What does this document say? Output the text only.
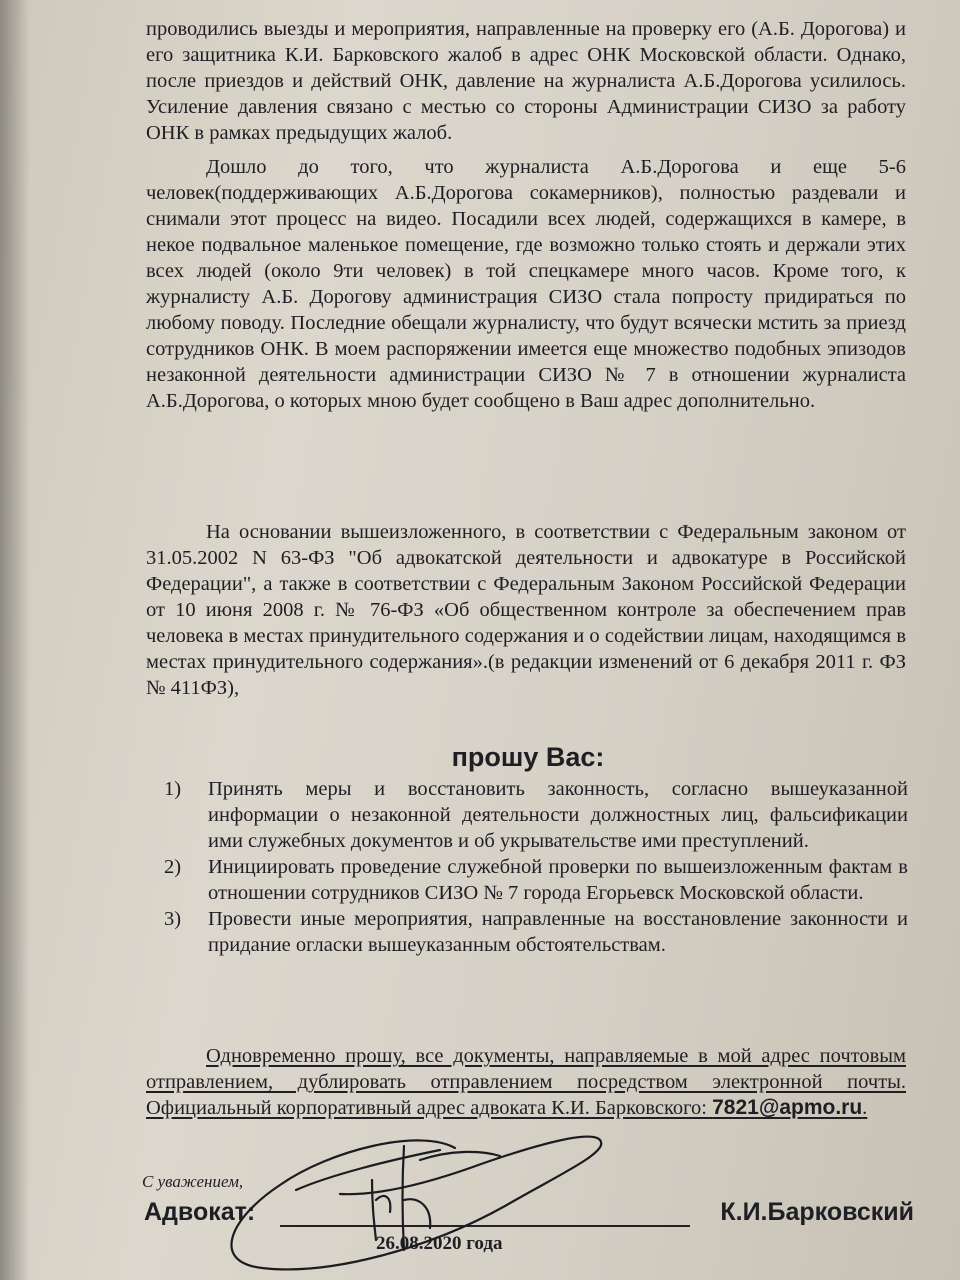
проводились выезды и мероприятия, направленные на проверку его (А.Б. Дорогова) и его защитника К.И. Барковского жалоб в адрес ОНК Московской области. Однако, после приездов и действий ОНК, давление на журналиста А.Б.Дорогова усилилось. Усиление давления связано с местью со стороны Администрации СИЗО за работу ОНК в рамках предыдущих жалоб.

Дошло до того, что журналиста А.Б.Дорогова и еще 5-6 человек(поддерживающих А.Б.Дорогова сокамерников), полностью раздевали и снимали этот процесс на видео. Посадили всех людей, содержащихся в камере, в некое подвальное маленькое помещение, где возможно только стоять и держали этих всех людей (около 9ти человек) в той спецкамере много часов. Кроме того, к журналисту А.Б. Дорогову администрация СИЗО стала попросту придираться по любому поводу. Последние обещали журналисту, что будут всячески мстить за приезд сотрудников ОНК. В моем распоряжении имеется еще множество подобных эпизодов незаконной деятельности администрации СИЗО № 7 в отношении журналиста А.Б.Дорогова, о которых мною будет сообщено в Ваш адрес дополнительно.

На основании вышеизложенного, в соответствии с Федеральным законом от 31.05.2002 N 63-ФЗ "Об адвокатской деятельности и адвокатуре в Российской Федерации", а также в соответствии с Федеральным Законом Российской Федерации от 10 июня 2008 г. № 76-ФЗ «Об общественном контроле за обеспечением прав человека в местах принудительного содержания и о содействии лицам, находящимся в местах принудительного содержания».(в редакции изменений от 6 декабря 2011 г. ФЗ № 411ФЗ),

прошу Вас:
1) Принять меры и восстановить законность, согласно вышеуказанной информации о незаконной деятельности должностных лиц, фальсификации ими служебных документов и об укрывательстве ими преступлений.
2) Инициировать проведение служебной проверки по вышеизложенным фактам в отношении сотрудников СИЗО № 7 города Егорьевск Московской области.
3) Провести иные мероприятия, направленные на восстановление законности и придание огласки вышеуказанным обстоятельствам.

Одновременно прошу, все документы, направляемые в мой адрес почтовым отправлением, дублировать отправлением посредством электронной почты. Официальный корпоративный адрес адвоката К.И. Барковского: 7821@apmo.ru.

С уважением,
Адвокат:	К.И.Барковский
26.08.2020 года
